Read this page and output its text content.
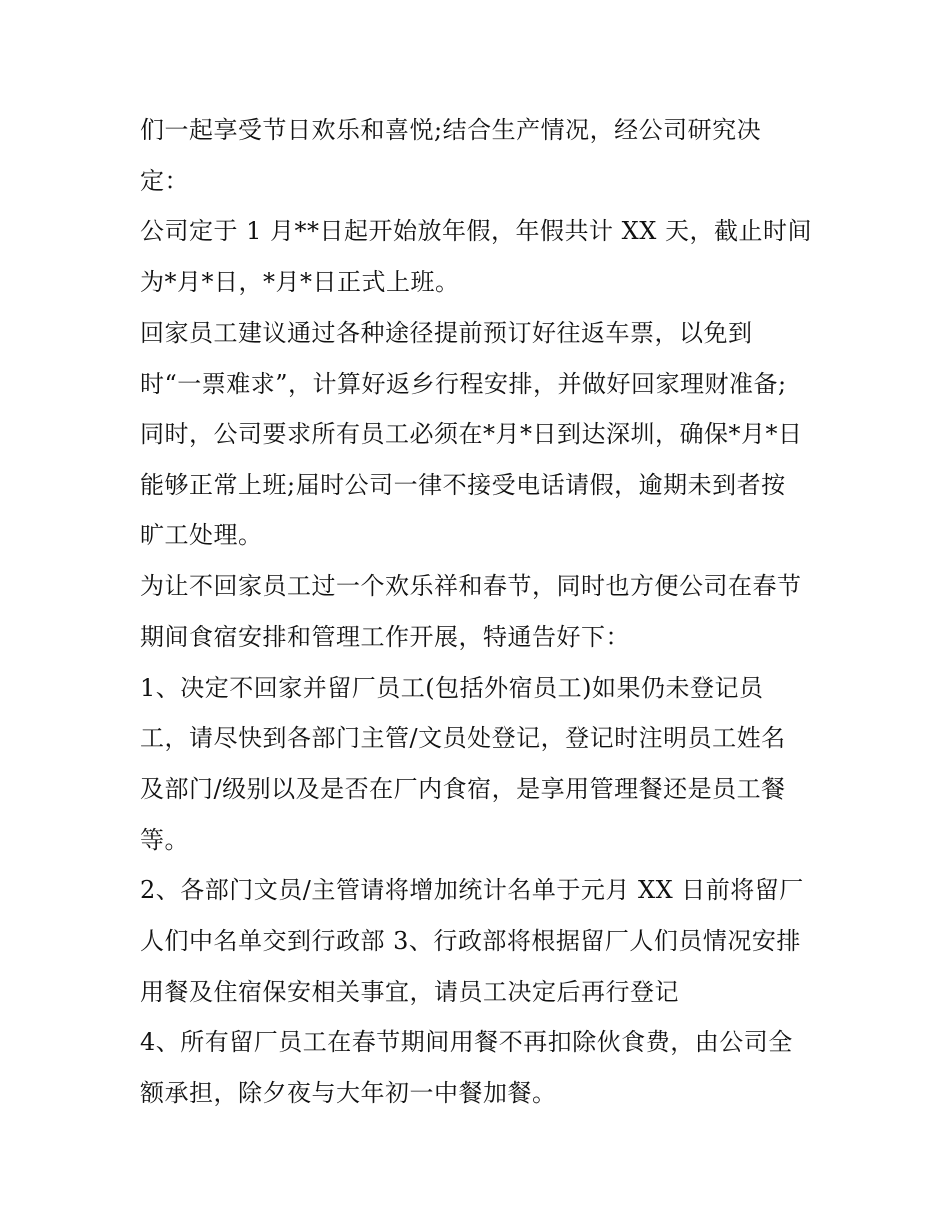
们一起享受节日欢乐和喜悦;结合生产情况，经公司研究决
定：
公司定于 1 月**日起开始放年假，年假共计 XX 天，截止时间
为*月*日，*月*日正式上班。
回家员工建议通过各种途径提前预订好往返车票，以免到
时“一票难求”，计算好返乡行程安排，并做好回家理财准备;
同时，公司要求所有员工必须在*月*日到达深圳，确保*月*日
能够正常上班;届时公司一律不接受电话请假，逾期未到者按
旷工处理。
为让不回家员工过一个欢乐祥和春节，同时也方便公司在春节
期间食宿安排和管理工作开展，特通告好下：
1、决定不回家并留厂员工(包括外宿员工)如果仍未登记员
工，请尽快到各部门主管/文员处登记，登记时注明员工姓名
及部门/级别以及是否在厂内食宿，是享用管理餐还是员工餐
等。
2、各部门文员/主管请将增加统计名单于元月 XX 日前将留厂
人们中名单交到行政部 3、行政部将根据留厂人们员情况安排
用餐及住宿保安相关事宜，请员工决定后再行登记
4、所有留厂员工在春节期间用餐不再扣除伙食费，由公司全
额承担，除夕夜与大年初一中餐加餐。
